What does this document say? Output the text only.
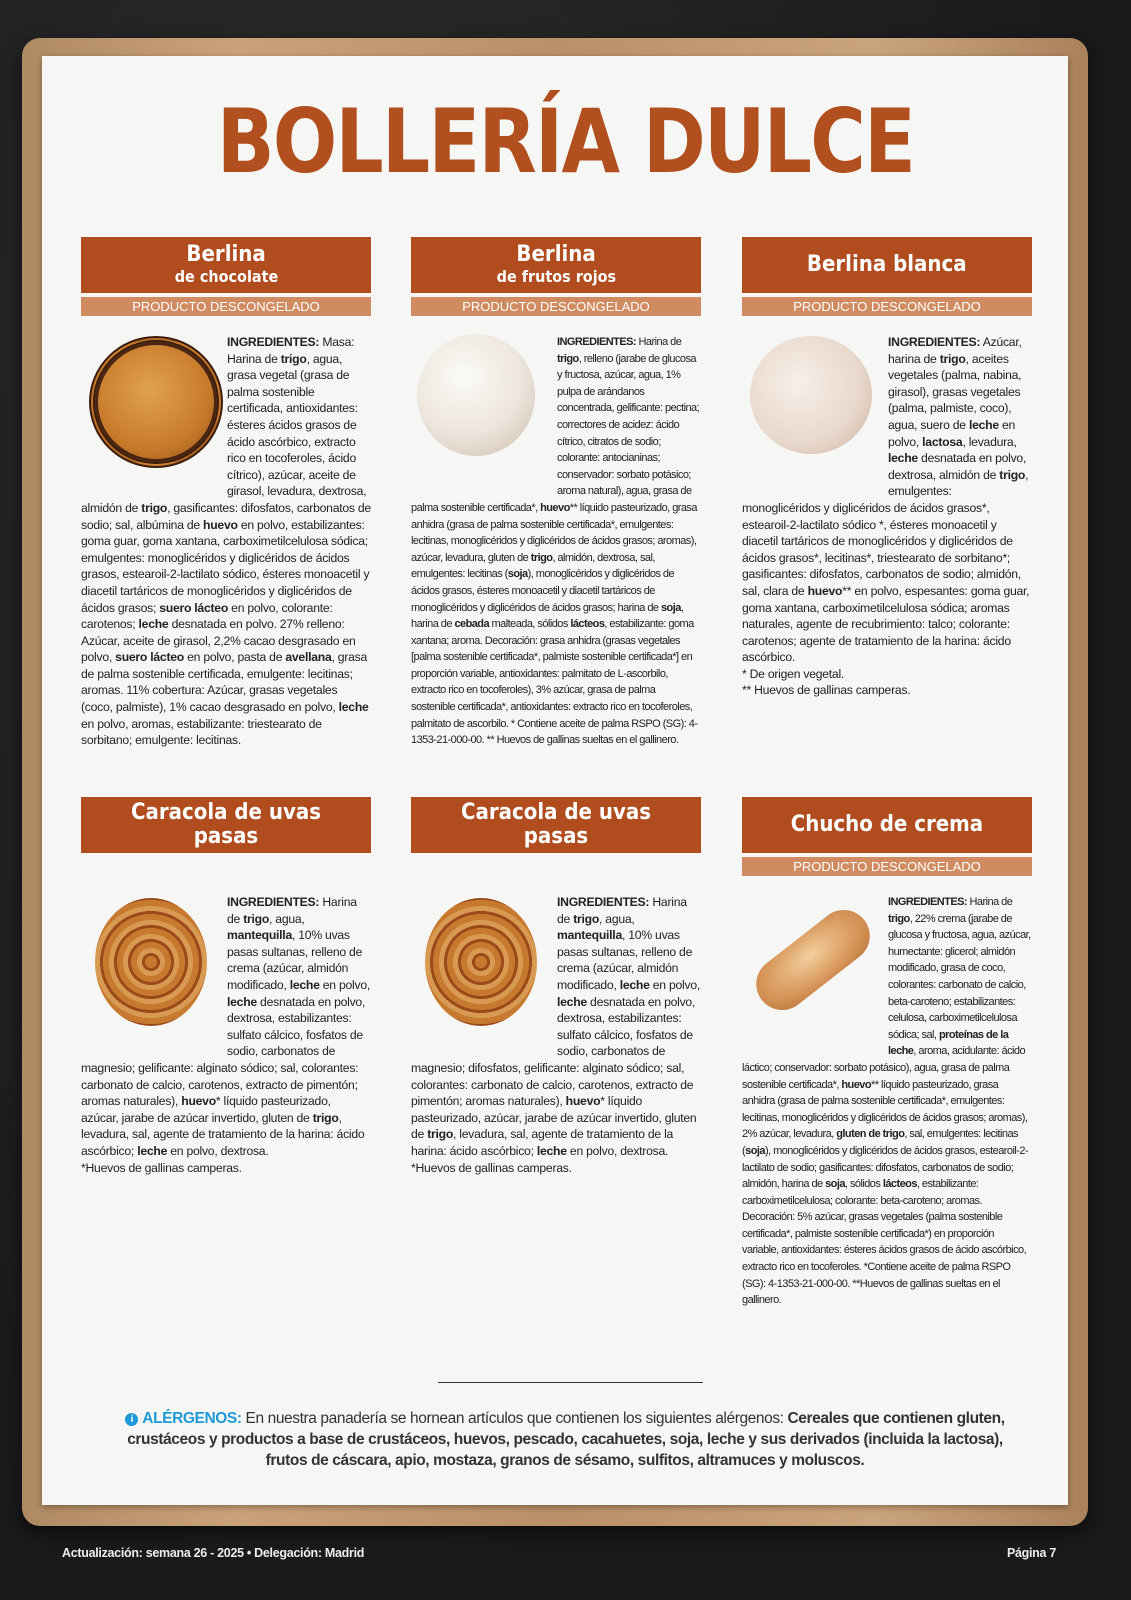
BOLLERÍA DULCE
Berlina
de chocolate
PRODUCTO DESCONGELADO
INGREDIENTES: Masa: Harina de trigo, agua, grasa vegetal (grasa de palma sostenible certificada, antioxidantes: ésteres ácidos grasos de ácido ascórbico, extracto rico en tocoferoles, ácido cítrico), azúcar, aceite de girasol, levadura, dextrosa, almidón de trigo, gasificantes: difosfatos, carbonatos de sodio; sal, albúmina de huevo en polvo, estabilizantes: goma guar, goma xantana, carboximetilcelulosa sódica; emulgentes: monoglicéridos y diglicéridos de ácidos grasos, estearoil-2-lactilato sódico, ésteres monoacetil y diacetil tartáricos de monoglicéridos y diglicéridos de ácidos grasos; suero lácteo en polvo, colorante: carotenos; leche desnatada en polvo. 27% relleno: Azúcar, aceite de girasol, 2,2% cacao desgrasado en polvo, suero lácteo en polvo, pasta de avellana, grasa de palma sostenible certificada, emulgente: lecitinas; aromas. 11% cobertura: Azúcar, grasas vegetales (coco, palmiste), 1% cacao desgrasado en polvo, leche en polvo, aromas, estabilizante: triestearato de sorbitano; emulgente: lecitinas.
Berlina
de frutos rojos
PRODUCTO DESCONGELADO
INGREDIENTES: Harina de trigo, relleno (jarabe de glucosa y fructosa, azúcar, agua, 1% pulpa de arándanos concentrada, gelificante: pectina; correctores de acidez: ácido cítrico, citratos de sodio; colorante: antocianinas; conservador: sorbato potásico; aroma natural), agua, grasa de palma sostenible certificada*, huevo** líquido pasteurizado, grasa anhidra (grasa de palma sostenible certificada*, emulgentes: lecitinas, monoglicéridos y diglicéridos de ácidos grasos; aromas), azúcar, levadura, gluten de trigo, almidón, dextrosa, sal, emulgentes: lecitinas (soja), monoglicéridos y diglicéridos de ácidos grasos, ésteres monoacetil y diacetil tartáricos de monoglicéridos y diglicéridos de ácidos grasos; harina de soja, harina de cebada malteada, sólidos lácteos, estabilizante: goma xantana; aroma. Decoración: grasa anhidra (grasas vegetales [palma sostenible certificada*, palmiste sostenible certificada*] en proporción variable, antioxidantes: palmitato de L-ascorbilo, extracto rico en tocoferoles), 3% azúcar, grasa de palma sostenible certificada*, antioxidantes: extracto rico en tocoferoles, palmitato de ascorbilo. * Contiene aceite de palma RSPO (SG): 4-1353-21-000-00. ** Huevos de gallinas sueltas en el gallinero.
Berlina blanca
PRODUCTO DESCONGELADO
INGREDIENTES: Azúcar, harina de trigo, aceites vegetales (palma, nabina, girasol), grasas vegetales (palma, palmiste, coco), agua, suero de leche en polvo, lactosa, levadura, leche desnatada en polvo, dextrosa, almidón de trigo, emulgentes: monoglicéridos y diglicéridos de ácidos grasos*, estearoil-2-lactilato sódico *, ésteres monoacetil y diacetil tartáricos de monoglicéridos y diglicéridos de ácidos grasos*, lecitinas*, triestearato de sorbitano*; gasificantes: difosfatos, carbonatos de sodio; almidón, sal, clara de huevo** en polvo, espesantes: goma guar, goma xantana, carboximetilcelulosa sódica; aromas naturales, agente de recubrimiento: talco; colorante: carotenos; agente de tratamiento de la harina: ácido ascórbico.
* De origen vegetal.
** Huevos de gallinas camperas.
Caracola de uvas pasas
INGREDIENTES: Harina de trigo, agua, mantequilla, 10% uvas pasas sultanas, relleno de crema (azúcar, almidón modificado, leche en polvo, leche desnatada en polvo, dextrosa, estabilizantes: sulfato cálcico, fosfatos de sodio, carbonatos de magnesio; gelificante: alginato sódico; sal, colorantes: carbonato de calcio, carotenos, extracto de pimentón; aromas naturales), huevo* líquido pasteurizado, azúcar, jarabe de azúcar invertido, gluten de trigo, levadura, sal, agente de tratamiento de la harina: ácido ascórbico; leche en polvo, dextrosa.
*Huevos de gallinas camperas.
Caracola de uvas pasas
INGREDIENTES: Harina de trigo, agua, mantequilla, 10% uvas pasas sultanas, relleno de crema (azúcar, almidón modificado, leche en polvo, leche desnatada en polvo, dextrosa, estabilizantes: sulfato cálcico, fosfatos de sodio, carbonatos de magnesio; difosfatos, gelificante: alginato sódico; sal, colorantes: carbonato de calcio, carotenos, extracto de pimentón; aromas naturales), huevo* líquido pasteurizado, azúcar, jarabe de azúcar invertido, gluten de trigo, levadura, sal, agente de tratamiento de la harina: ácido ascórbico; leche en polvo, dextrosa.
*Huevos de gallinas camperas.
Chucho de crema
PRODUCTO DESCONGELADO
INGREDIENTES: Harina de trigo, 22% crema (jarabe de glucosa y fructosa, agua, azúcar, humectante: glicerol; almidón modificado, grasa de coco, colorantes: carbonato de calcio, beta-caroteno; estabilizantes: celulosa, carboximetilcelulosa sódica; sal, proteínas de la leche, aroma, acidulante: ácido láctico; conservador: sorbato potásico), agua, grasa de palma sostenible certificada*, huevo** líquido pasteurizado, grasa anhidra (grasa de palma sostenible certificada*, emulgentes: lecitinas, monoglicéridos y diglicéridos de ácidos grasos; aromas), 2% azúcar, levadura, gluten de trigo, sal, emulgentes: lecitinas (soja), monoglicéridos y diglicéridos de ácidos grasos, estearoil-2-lactilato de sodio; gasificantes: difosfatos, carbonatos de sodio; almidón, harina de soja, sólidos lácteos, estabilizante: carboximetilcelulosa; colorante: beta-caroteno; aromas. Decoración: 5% azúcar, grasas vegetales (palma sostenible certificada*, palmiste sostenible certificada*) en proporción variable, antioxidantes: ésteres ácidos grasos de ácido ascórbico, extracto rico en tocoferoles. *Contiene aceite de palma RSPO (SG): 4-1353-21-000-00. **Huevos de gallinas sueltas en el gallinero.
i ALÉRGENOS: En nuestra panadería se hornean artículos que contienen los siguientes alérgenos: Cereales que contienen gluten, crustáceos y productos a base de crustáceos, huevos, pescado, cacahuetes, soja, leche y sus derivados (incluida la lactosa), frutos de cáscara, apio, mostaza, granos de sésamo, sulfitos, altramuces y moluscos.
Actualización: semana 26 - 2025 • Delegación: Madrid	Página 7
